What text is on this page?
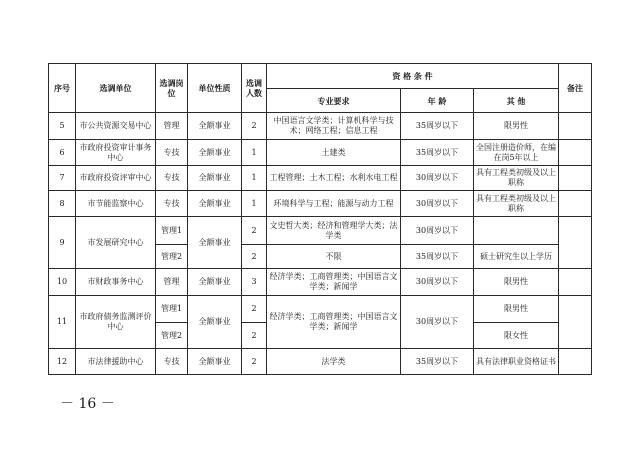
序号	选调单位	选调岗位	单位性质	选调人数	资 格 条 件			备注
					专业要求	年 龄	其 他	
5	市公共资源交易中心	管理	全额事业	2	中国语言文学类；计算机科学与技术；网络工程；信息工程	35周岁以下	限男性	
6	市政府投资审计事务中心	专技	全额事业	1	土建类	35周岁以下	全国注册造价师，在编在岗5年以上	
7	市政府投资评审中心	专技	全额事业	1	工程管理；土木工程；水利水电工程	30周岁以下	具有工程类初级及以上职称	
8	市节能监察中心	专技	全额事业	1	环境科学与工程；能源与动力工程	30周岁以下	具有工程类初级及以上职称	
9	市发展研究中心	管理1	全额事业	2	文史哲大类；经济和管理学大类；法学类	30周岁以下		
		管理2		2	不限	35周岁以下	硕士研究生以上学历	
10	市财政事务中心	管理	全额事业	3	经济学类；工商管理类；中国语言文学类；新闻学	30周岁以下	限男性	
11	市政府债务监测评价中心	管理1	全额事业	2	经济学类；工商管理类；中国语言文学类；新闻学	30周岁以下	限男性	
		管理2		2			限女性	
12	市法律援助中心	专技	全额事业	2	法学类	35周岁以下	具有法律职业资格证书	
－ 16 －
